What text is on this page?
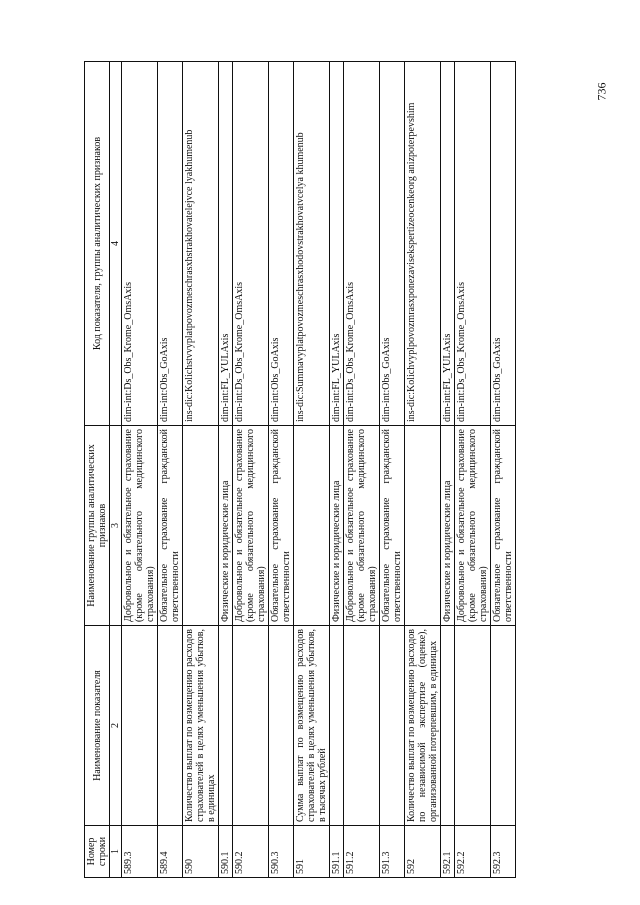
736
Номер строки	Наименование показателя	Наименование группы аналитических признаков	Код показателя, группы аналитических признаков
1	2	3	4
589.3		Добровольное и обязательное страхование (кроме обязательного медицинского страхования)	dim-int:Ds_Obs_Krome_OmsAxis
589.4		Обязательное страхование гражданской ответственности	dim-int:Obs_GoAxis
590	Количество выплат по возмещению расходов страхователей в целях уменьшения убытков, в единицах		ins-dic:Kolichstvvyplatpovozmeschrasxhstrakhovatelejvce lyakhumenub
590.1		Физические и юридические лица	dim-int:FL_YULAxis
590.2		Добровольное и обязательное страхование (кроме обязательного медицинского страхования)	dim-int:Ds_Obs_Krome_OmsAxis
590.3		Обязательное страхование гражданской ответственности	dim-int:Obs_GoAxis
591	Сумма выплат по возмещению расходов страхователей в целях уменьшения убытков, в тысячах рублей		ins-dic:Summavyplatpovozmeschrasxhodovstrakhovatvcelya khumenub
591.1		Физические и юридические лица	dim-int:FL_YULAxis
591.2		Добровольное и обязательное страхование (кроме обязательного медицинского страхования)	dim-int:Ds_Obs_Krome_OmsAxis
591.3		Обязательное страхование гражданской ответственности	dim-int:Obs_GoAxis
592	Количество выплат по возмещению расходов по независимой экспертизе (оценке), организованной потерпевшим, в единицах		ins-dic:Kolichvyplpovozmrasxponezavisekspertizeocenkeorg anizpoterpevshim
592.1		Физические и юридические лица	dim-int:FL_YULAxis
592.2		Добровольное и обязательное страхование (кроме обязательного медицинского страхования)	dim-int:Ds_Obs_Krome_OmsAxis
592.3		Обязательное страхование гражданской ответственности	dim-int:Obs_GoAxis
